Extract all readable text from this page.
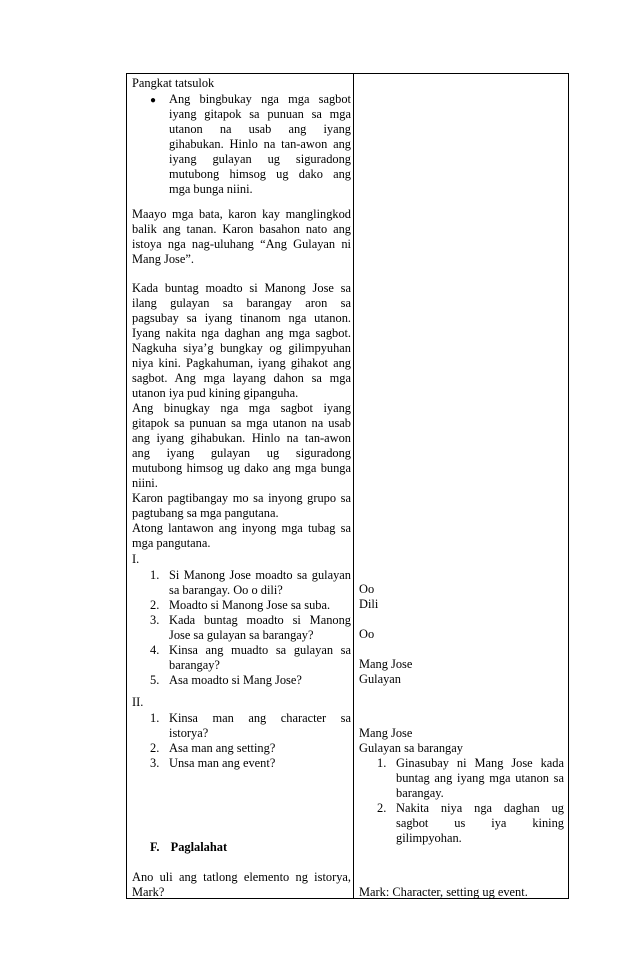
Pangkat tatsulok
● Ang bingbukay nga mga sagbot

iyang gitapok sa punuan sa mga

utanon na usab ang iyang

gihabukan. Hinlo na tan-awon ang

iyang gulayan ug siguradong

mutubong himsog ug dako ang

mga bunga niini.

Maayo mga bata, karon kay manglingkod

balik ang tanan. Karon basahon nato ang

istoya nga nag-uluhang “Ang Gulayan ni

Mang Jose”.

Kada buntag moadto si Manong Jose sa

ilang gulayan sa barangay aron sa

pagsubay sa iyang tinanom nga utanon.

Iyang nakita nga daghan ang mga sagbot.

Nagkuha siya’g bungkay og gilimpyuhan

niya kini. Pagkahuman, iyang gihakot ang

sagbot. Ang mga layang dahon sa mga

utanon iya pud kining gipanguha.

Ang binugkay nga mga sagbot iyang

gitapok sa punuan sa mga utanon na usab

ang iyang gihabukan. Hinlo na tan-awon

ang iyang gulayan ug siguradong

mutubong himsog ug dako ang mga bunga

niini.

Karon pagtibangay mo sa inyong grupo sa

pagtubang sa mga pangutana.

Atong lantawon ang inyong mga tubag sa

mga pangutana.

I.
1. Si Manong Jose moadto sa gulayan

sa barangay. Oo o dili?

2. Moadto si Manong Jose sa suba.

3. Kada buntag moadto si Manong

Jose sa gulayan sa barangay?

4. Kinsa ang muadto sa gulayan sa

barangay?

5. Asa moadto si Mang Jose?

II.
1. Kinsa man ang character sa

istorya?

2. Asa man ang setting?

3. Unsa man ang event?

F. Paglalahat

Ano uli ang tatlong elemento ng istorya,

Mark?

Oo
Dili
Oo
Mang Jose
Gulayan
Mang Jose
Gulayan sa barangay
1. Ginasubay ni Mang Jose kada

buntag ang iyang mga utanon sa

barangay.

2. Nakita niya nga daghan ug

sagbot us iya kining

gilimpyohan.

Mark: Character, setting ug event.
